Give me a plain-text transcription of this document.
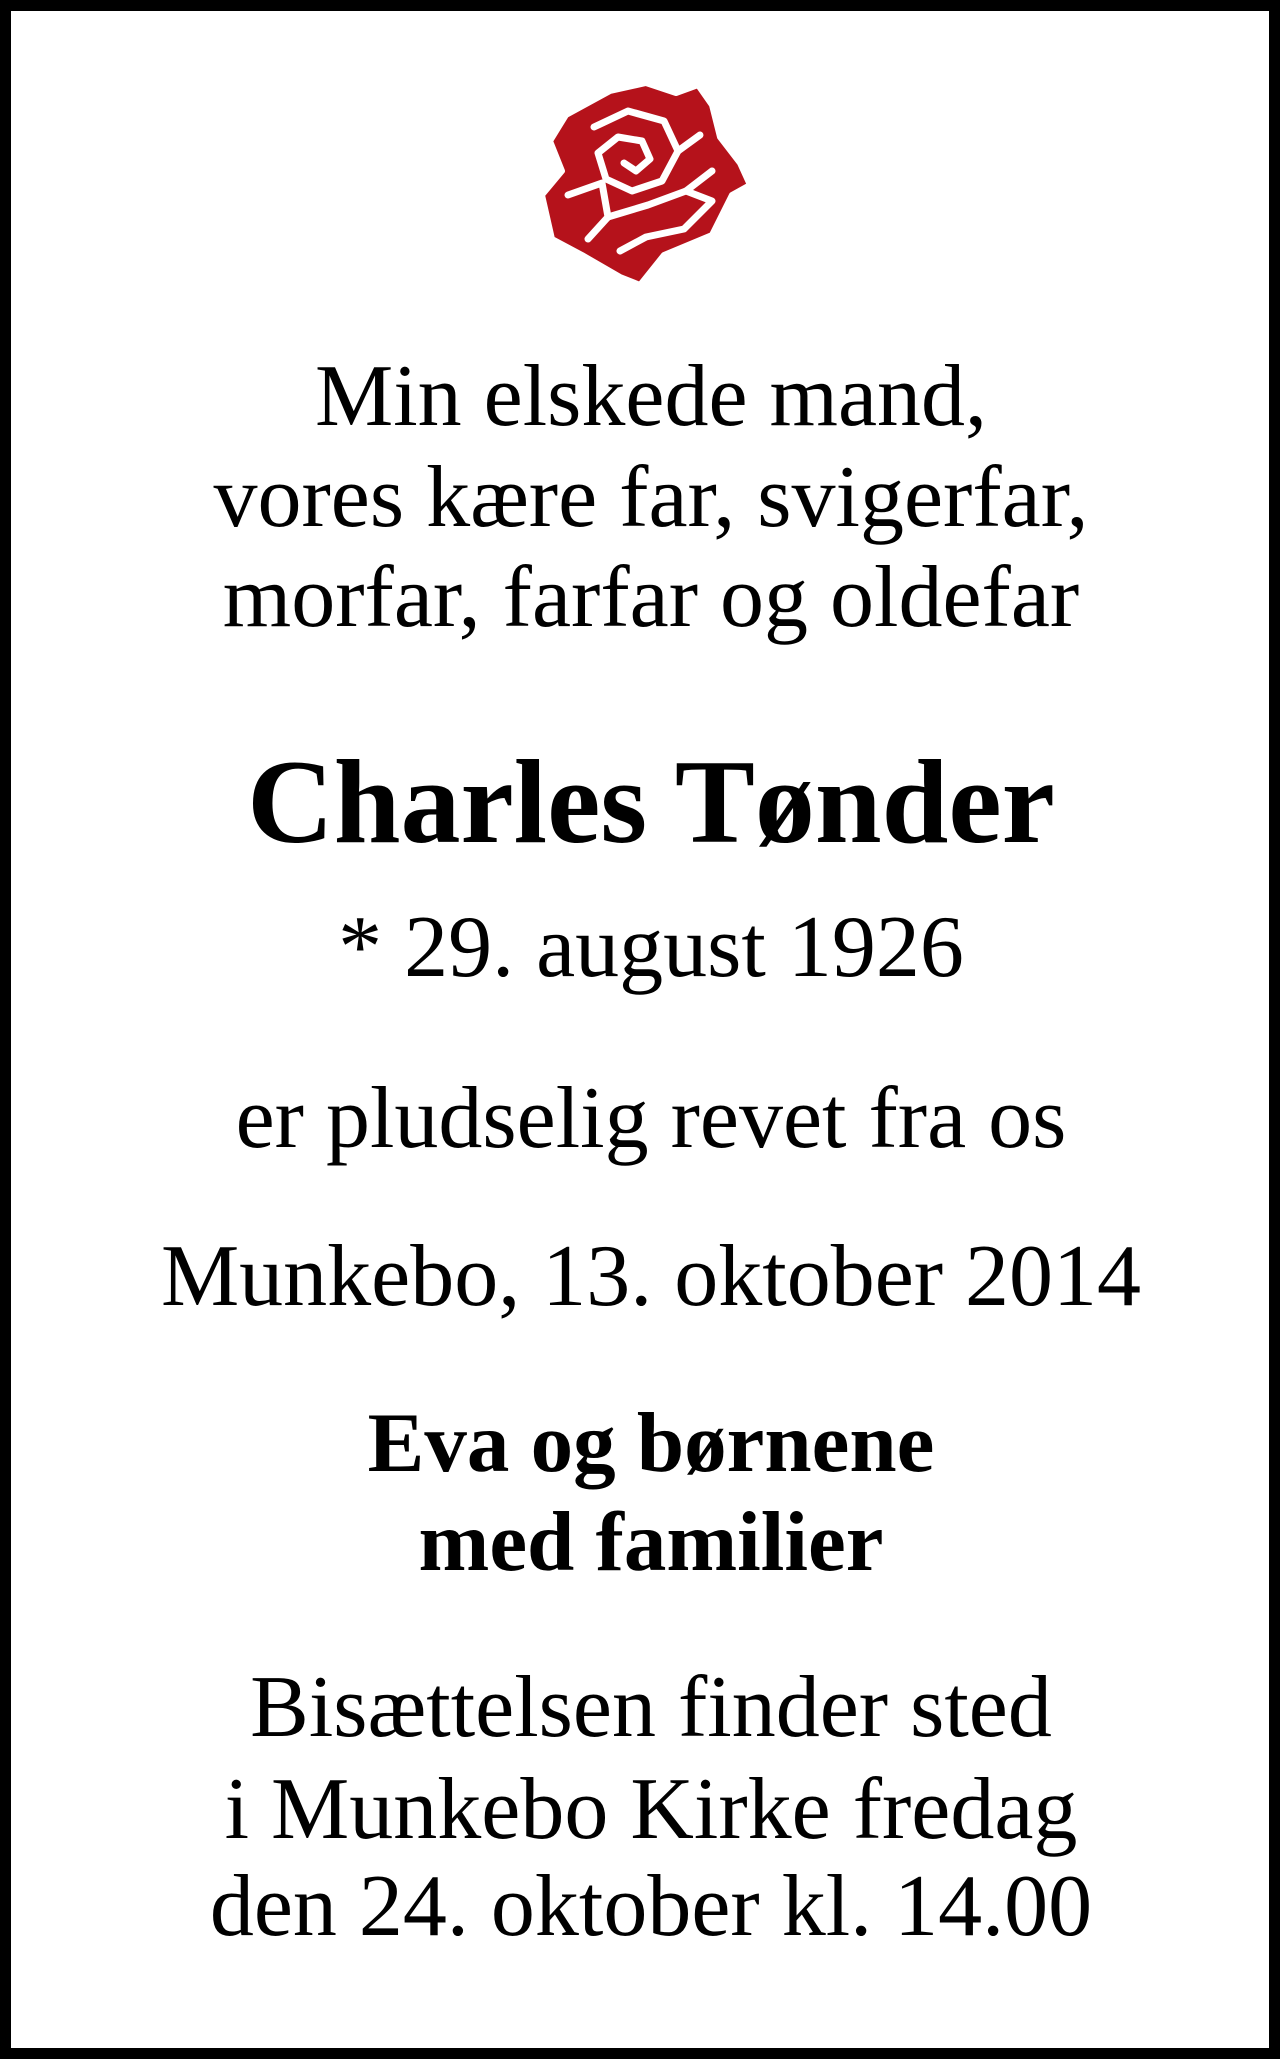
Min elskede mand,
vores kære far, svigerfar,
morfar, farfar og oldefar
Charles Tønder
* 29. august 1926
er pludselig revet fra os
Munkebo, 13. oktober 2014
Eva og børnene
med familier
Bisættelsen finder sted
i Munkebo Kirke fredag
den 24. oktober kl. 14.00
